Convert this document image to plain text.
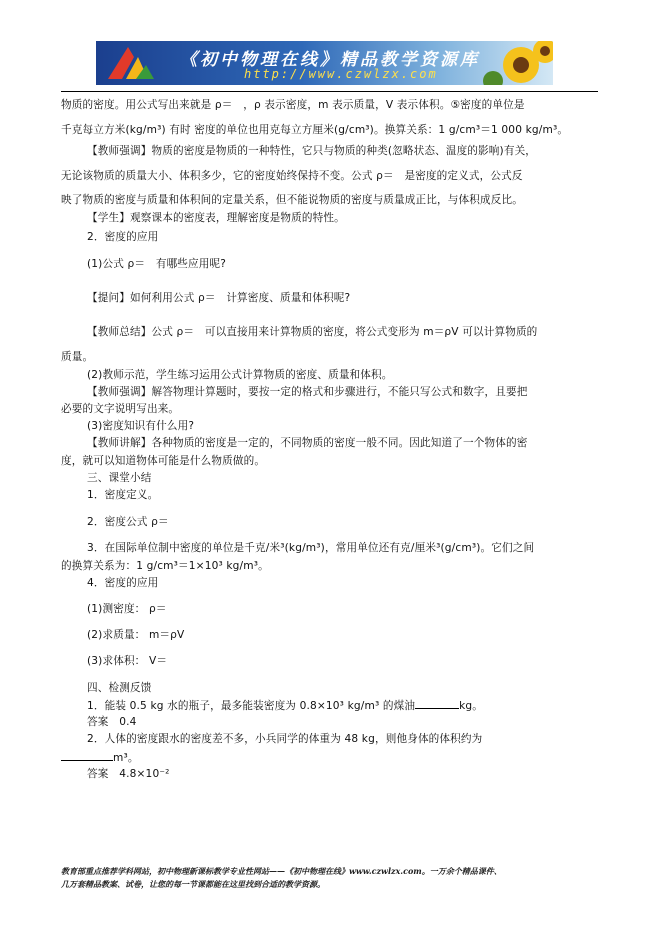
《初中物理在线》精品教学资源库
http://www.czwlzx.com
物质的密度。用公式写出来就是 ρ＝　，ρ 表示密度，m 表示质量，V 表示体积。⑤密度的单位是
千克每立方米(kg/m³) 有时 密度的单位也用克每立方厘米(g/cm³)。换算关系：1 g/cm³＝1 000 kg/m³。
【教师强调】物质的密度是物质的一种特性，它只与物质的种类(忽略状态、温度的影响)有关，
无论该物质的质量大小、体积多少，它的密度始终保持不变。公式 ρ＝　是密度的定义式，公式反
映了物质的密度与质量和体积间的定量关系，但不能说物质的密度与质量成正比，与体积成反比。
【学生】观察课本的密度表，理解密度是物质的特性。
2．密度的应用
(1)公式 ρ＝　有哪些应用呢?
【提问】如何利用公式 ρ＝　计算密度、质量和体积呢?
【教师总结】公式 ρ＝　可以直接用来计算物质的密度，将公式变形为 m＝ρV 可以计算物质的
质量。
(2)教师示范，学生练习运用公式计算物质的密度、质量和体积。
【教师强调】解答物理计算题时，要按一定的格式和步骤进行，不能只写公式和数字，且要把
必要的文字说明写出来。
(3)密度知识有什么用?
【教师讲解】各种物质的密度是一定的，不同物质的密度一般不同。因此知道了一个物体的密
度，就可以知道物体可能是什么物质做的。
三、课堂小结
1．密度定义。
2．密度公式 ρ＝
3．在国际单位制中密度的单位是千克/米³(kg/m³)，常用单位还有克/厘米³(g/cm³)。它们之间
的换算关系为：1 g/cm³＝1×10³ kg/m³。
4．密度的应用
(1)测密度： ρ＝
(2)求质量： m＝ρV
(3)求体积： V＝
四、检测反馈
1．能装 0.5 kg 水的瓶子，最多能装密度为 0.8×10³ kg/m³ 的煤油	kg。
答案　0.4
2．人体的密度跟水的密度差不多，小兵同学的体重为 48 kg，则他身体的体积约为
m³。
答案　4.8×10⁻²
教育部重点推荐学科网站，初中物理新课标教学专业性网站——《初中物理在线》www.czwlzx.com。一万余个精品课件、
几万套精品教案、试卷，让您的每一节课都能在这里找到合适的教学资源。
